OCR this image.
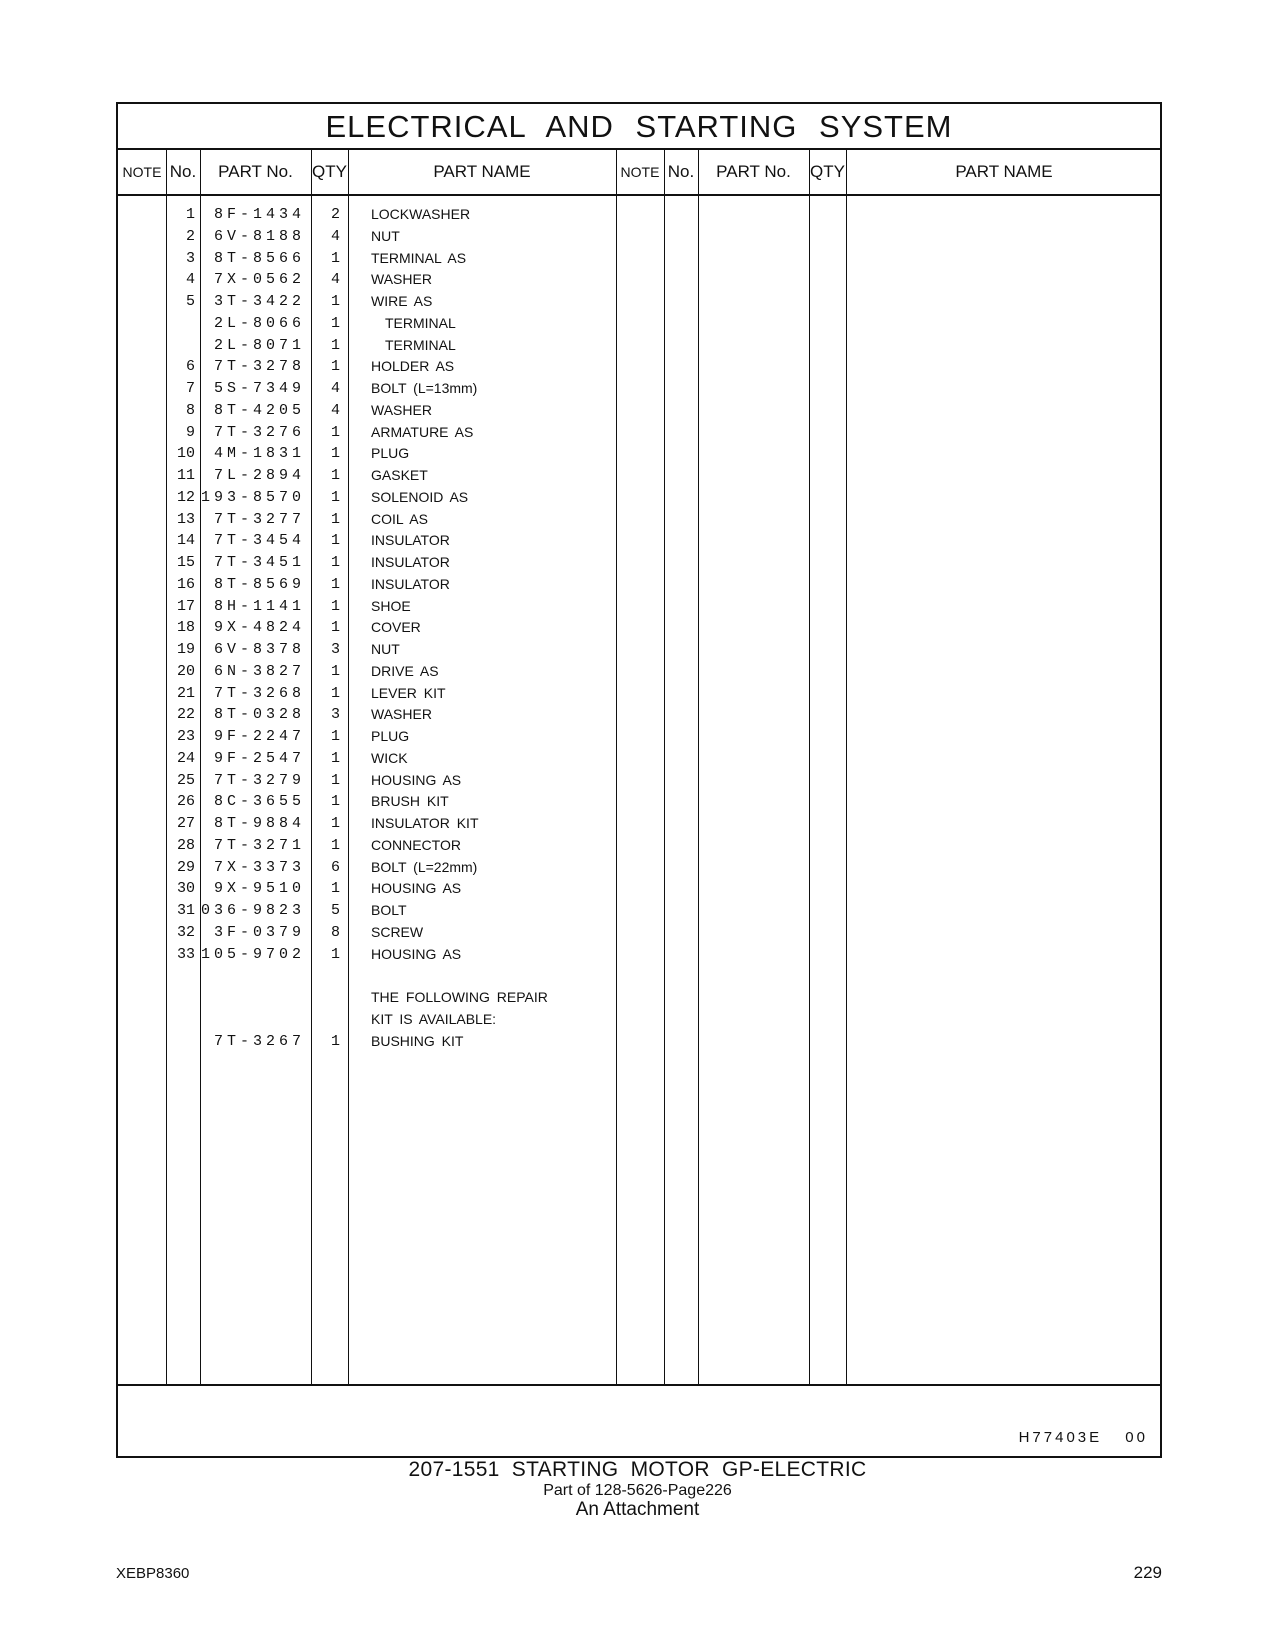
ELECTRICAL AND STARTING SYSTEM
NOTE No.	PART No.	QTY	PART NAME	NOTE No.	PART No.	QTY	PART NAME
1	8F-1434	2 LOCKWASHER
2	6V-8188	4 NUT
3	8T-8566	1 TERMINAL AS
4	7X-0562	4 WASHER
5	3T-3422	1 WIRE AS
2L-8066	1	TERMINAL
2L-8071	1	TERMINAL
6	7T-3278	1 HOLDER AS
7	5S-7349	4 BOLT (L=13mm)
8	8T-4205	4 WASHER
9	7T-3276	1 ARMATURE AS
10	4M-1831	1 PLUG
11	7L-2894	1 GASKET
12 193-8570	1 SOLENOID AS
13	7T-3277	1 COIL AS
14	7T-3454	1 INSULATOR
15	7T-3451	1 INSULATOR
16	8T-8569	1 INSULATOR
17	8H-1141	1 SHOE
18	9X-4824	1 COVER
19	6V-8378	3 NUT
20	6N-3827	1 DRIVE AS
21	7T-3268	1 LEVER KIT
22	8T-0328	3 WASHER
23	9F-2247	1 PLUG
24	9F-2547	1 WICK
25	7T-3279	1 HOUSING AS
26	8C-3655	1 BRUSH KIT
27	8T-9884	1 INSULATOR KIT
28	7T-3271	1 CONNECTOR
29	7X-3373	6 BOLT (L=22mm)
30	9X-9510	1 HOUSING AS
31 036-9823	5 BOLT
32	3F-0379	8 SCREW
33 105-9702	1 HOUSING AS
THE FOLLOWING REPAIR
KIT IS AVAILABLE:
7T-3267	1 BUSHING KIT
H77403E 00
207-1551 STARTING MOTOR GP-ELECTRIC
Part of 128-5626-Page226
An Attachment
XEBP8360	229
